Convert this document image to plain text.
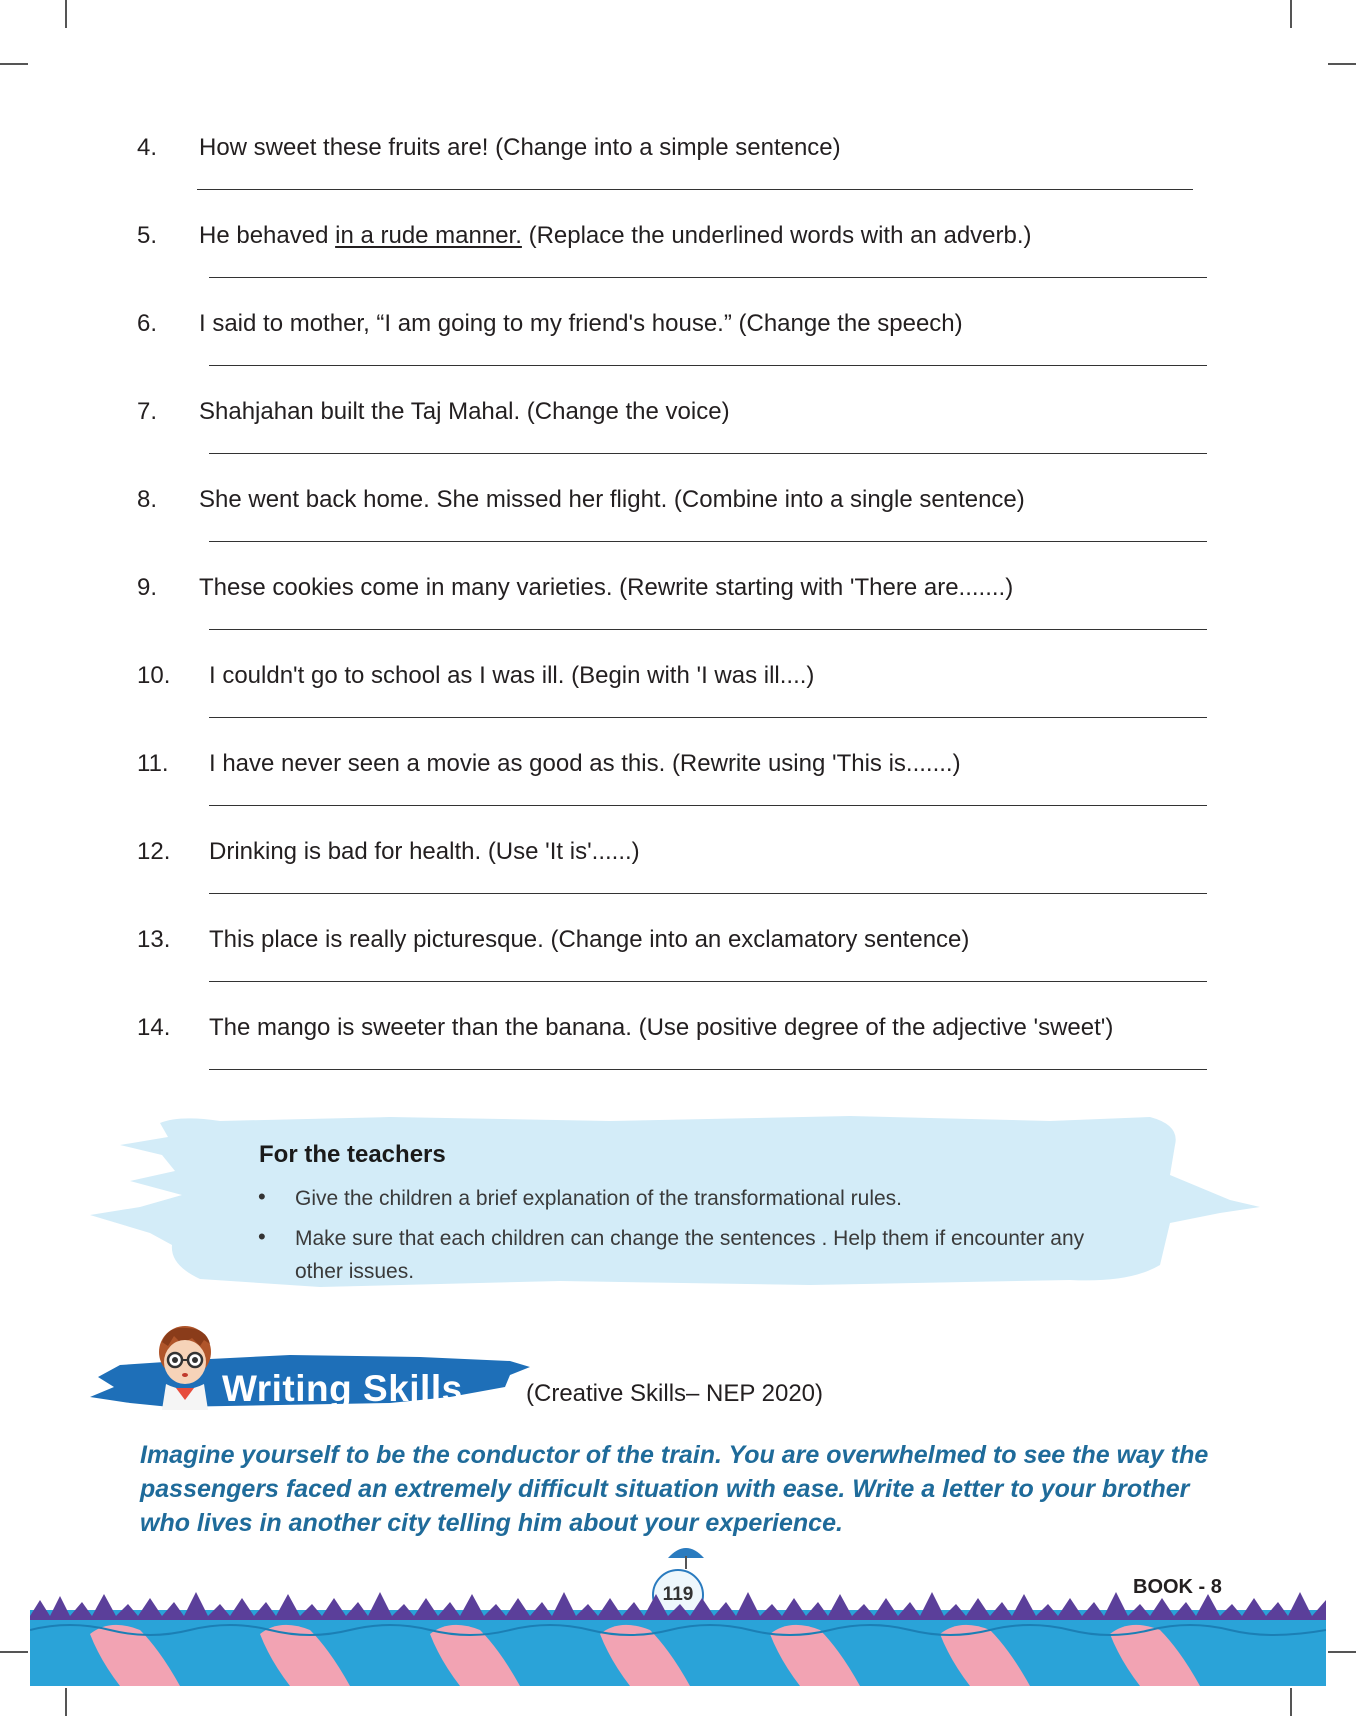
4. How sweet these fruits are! (Change into a simple sentence)
5. He behaved in a rude manner. (Replace the underlined words with an adverb.)
6. I said to mother, “I am going to my friend's house.” (Change the speech)
7. Shahjahan built the Taj Mahal. (Change the voice)
8. She went back home. She missed her flight. (Combine into a single sentence)
9. These cookies come in many varieties. (Rewrite starting with 'There are.......)
10. I couldn't go to school as I was ill. (Begin with 'I was ill....)
11. I have never seen a movie as good as this. (Rewrite using 'This is.......)
12. Drinking is bad for health. (Use 'It is'......)
13. This place is really picturesque. (Change into an exclamatory sentence)
14. The mango is sweeter than the banana. (Use positive degree of the adjective 'sweet')
For the teachers
• Give the children a brief explanation of the transformational rules.
• Make sure that each children can change the sentences . Help them if encounter any other issues.
Writing Skills	(Creative Skills– NEP 2020)
Imagine yourself to be the conductor of the train. You are overwhelmed to see the way the passengers faced an extremely difficult situation with ease. Write a letter to your brother who lives in another city telling him about your experience.
119	BOOK - 8
